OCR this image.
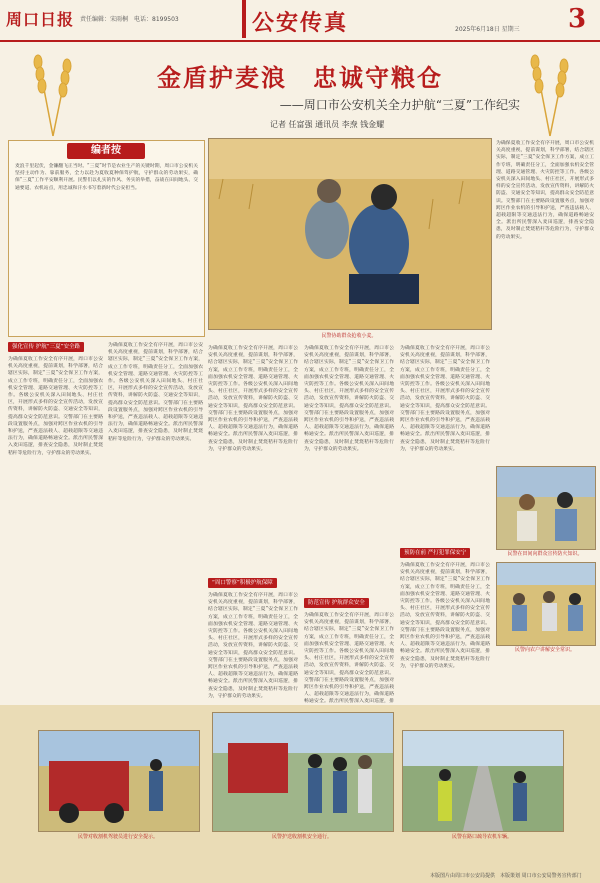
周口日报 责任编辑：宋雨桐　电话：8199503	公安传真	2025年6月18日 星期三 3
金盾护麦浪　忠诚守粮仓
——周口市公安机关全力护航“三夏”工作纪实
记者 任富强 通讯员 李焘 钱金耀
编者按
麦浪千里起伏，金镰翻飞正当时。“三夏”时节是农业生产的关键时期，周口市公安机关坚持主动作为、靠前服务，全力以赴为夏收夏种保驾护航，守护群众的劳动果实，确保“三夏”工作平安顺利开展。民警们以扎实的作风、务实的举措，奋战在田间地头、交通要道、农机站点，用忠诚和汗水书写着新时代公安担当。
民警协助群众抢收小麦。
为确保夏收工作安全有序开展，周口市公安机关高度重视，提前谋划，科学部署，结合辖区实际，制定“三夏”安全保卫工作方案，成立工作专班，明确责任分工，全面加强农机安全管理、道路交通管理、火灾防控等工作。各级公安机关深入田间地头、村庄社区，开展形式多样的安全宣传活动，发放宣传资料，讲解防火防盗、交通安全等知识，提高群众安全防范意识。交警部门在主要路段设置服务点，加强对跨区作业农机的引导和护送，严查违法载人、超载超限等交通违法行为，确保道路畅通安全。派出所民警深入麦田巡逻，排查安全隐患，及时制止焚烧秸秆等危险行为，守护群众的劳动果实。
强化宣传 护航“三夏”安全路
为确保夏收工作安全有序开展，周口市公安机关高度重视，提前谋划，科学部署，结合辖区实际，制定“三夏”安全保卫工作方案，成立工作专班，明确责任分工，全面加强农机安全管理、道路交通管理、火灾防控等工作。各级公安机关深入田间地头、村庄社区，开展形式多样的安全宣传活动，发放宣传资料，讲解防火防盗、交通安全等知识，提高群众安全防范意识。交警部门在主要路段设置服务点，加强对跨区作业农机的引导和护送，严查违法载人、超载超限等交通违法行为，确保道路畅通安全。派出所民警深入麦田巡逻，排查安全隐患，及时制止焚烧秸秆等危险行为，守护群众的劳动果实。
为确保夏收工作安全有序开展，周口市公安机关高度重视，提前谋划，科学部署，结合辖区实际，制定“三夏”安全保卫工作方案，成立工作专班，明确责任分工，全面加强农机安全管理、道路交通管理、火灾防控等工作。各级公安机关深入田间地头、村庄社区，开展形式多样的安全宣传活动，发放宣传资料，讲解防火防盗、交通安全等知识，提高群众安全防范意识。交警部门在主要路段设置服务点，加强对跨区作业农机的引导和护送，严查违法载人、超载超限等交通违法行为，确保道路畅通安全。派出所民警深入麦田巡逻，排查安全隐患，及时制止焚烧秸秆等危险行为，守护群众的劳动果实。
为确保夏收工作安全有序开展，周口市公安机关高度重视，提前谋划，科学部署，结合辖区实际，制定“三夏”安全保卫工作方案，成立工作专班，明确责任分工，全面加强农机安全管理、道路交通管理、火灾防控等工作。各级公安机关深入田间地头、村庄社区，开展形式多样的安全宣传活动，发放宣传资料，讲解防火防盗、交通安全等知识，提高群众安全防范意识。交警部门在主要路段设置服务点，加强对跨区作业农机的引导和护送，严查违法载人、超载超限等交通违法行为，确保道路畅通安全。派出所民警深入麦田巡逻，排查安全隐患，及时制止焚烧秸秆等危险行为，守护群众的劳动果实。
“周口警察”积极护航保障
为确保夏收工作安全有序开展，周口市公安机关高度重视，提前谋划，科学部署，结合辖区实际，制定“三夏”安全保卫工作方案，成立工作专班，明确责任分工，全面加强农机安全管理、道路交通管理、火灾防控等工作。各级公安机关深入田间地头、村庄社区，开展形式多样的安全宣传活动，发放宣传资料，讲解防火防盗、交通安全等知识，提高群众安全防范意识。交警部门在主要路段设置服务点，加强对跨区作业农机的引导和护送，严查违法载人、超载超限等交通违法行为，确保道路畅通安全。派出所民警深入麦田巡逻，排查安全隐患，及时制止焚烧秸秆等危险行为，守护群众的劳动果实。
为确保夏收工作安全有序开展，周口市公安机关高度重视，提前谋划，科学部署，结合辖区实际，制定“三夏”安全保卫工作方案，成立工作专班，明确责任分工，全面加强农机安全管理、道路交通管理、火灾防控等工作。各级公安机关深入田间地头、村庄社区，开展形式多样的安全宣传活动，发放宣传资料，讲解防火防盗、交通安全等知识，提高群众安全防范意识。交警部门在主要路段设置服务点，加强对跨区作业农机的引导和护送，严查违法载人、超载超限等交通违法行为，确保道路畅通安全。派出所民警深入麦田巡逻，排查安全隐患，及时制止焚烧秸秆等危险行为，守护群众的劳动果实。
防范宣传 护航群众安全
为确保夏收工作安全有序开展，周口市公安机关高度重视，提前谋划，科学部署，结合辖区实际，制定“三夏”安全保卫工作方案，成立工作专班，明确责任分工，全面加强农机安全管理、道路交通管理、火灾防控等工作。各级公安机关深入田间地头、村庄社区，开展形式多样的安全宣传活动，发放宣传资料，讲解防火防盗、交通安全等知识，提高群众安全防范意识。交警部门在主要路段设置服务点，加强对跨区作业农机的引导和护送，严查违法载人、超载超限等交通违法行为，确保道路畅通安全。派出所民警深入麦田巡逻，排
为确保夏收工作安全有序开展，周口市公安机关高度重视，提前谋划，科学部署，结合辖区实际，制定“三夏”安全保卫工作方案，成立工作专班，明确责任分工，全面加强农机安全管理、道路交通管理、火灾防控等工作。各级公安机关深入田间地头、村庄社区，开展形式多样的安全宣传活动，发放宣传资料，讲解防火防盗、交通安全等知识，提高群众安全防范意识。交警部门在主要路段设置服务点，加强对跨区作业农机的引导和护送，严查违法载人、超载超限等交通违法行为，确保道路畅通安全。派出所民警深入麦田巡逻，排查安全隐患，及时制止焚烧秸秆等危险行为，守护群众的劳动果实。
预防在前 严打犯罪保安宁
为确保夏收工作安全有序开展，周口市公安机关高度重视，提前谋划，科学部署，结合辖区实际，制定“三夏”安全保卫工作方案，成立工作专班，明确责任分工，全面加强农机安全管理、道路交通管理、火灾防控等工作。各级公安机关深入田间地头、村庄社区，开展形式多样的安全宣传活动，发放宣传资料，讲解防火防盗、交通安全等知识，提高群众安全防范意识。交警部门在主要路段设置服务点，加强对跨区作业农机的引导和护送，严查违法载人、超载超限等交通违法行为，确保道路畅通安全。派出所民警深入麦田巡逻，排查安全隐患，及时制止焚烧秸秆等危险行为，守护群众的劳动果实。
民警在田间向群众宣传防火知识。
民警向农户讲解安全常识。
民警对收割机驾驶员进行安全提示。	民警护送收割机安全通行。	民警在路口疏导农机车辆。
本版图片由周口市公安局提供　本版策划 周口市公安局警务宣传部门
